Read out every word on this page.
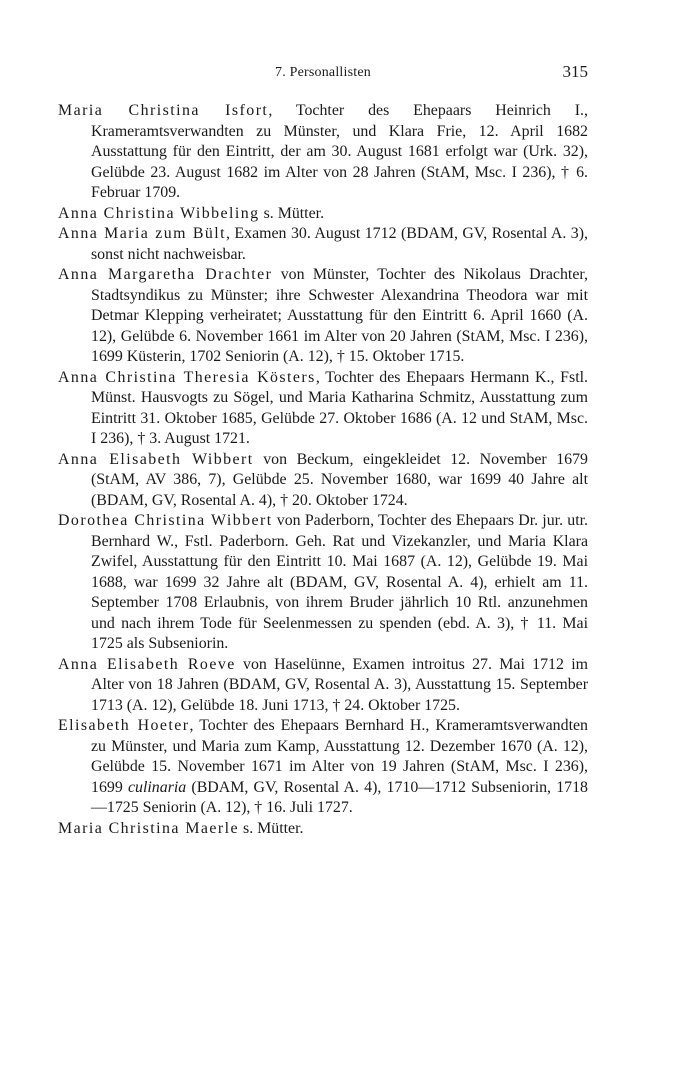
7. Personallisten	315

Maria Christina Isfort, Tochter des Ehepaars Heinrich I., Krameramtsverwandten zu Münster, und Klara Frie, 12. April 1682 Ausstattung für den Eintritt, der am 30. August 1681 erfolgt war (Urk. 32), Gelübde 23. August 1682 im Alter von 28 Jahren (StAM, Msc. I 236), † 6. Februar 1709.

Anna Christina Wibbeling s. Mütter.

Anna Maria zum Bült, Examen 30. August 1712 (BDAM, GV, Rosental A. 3), sonst nicht nachweisbar.

Anna Margaretha Drachter von Münster, Tochter des Nikolaus Drachter, Stadtsyndikus zu Münster; ihre Schwester Alexandrina Theodora war mit Detmar Klepping verheiratet; Ausstattung für den Eintritt 6. April 1660 (A. 12), Gelübde 6. November 1661 im Alter von 20 Jahren (StAM, Msc. I 236), 1699 Küsterin, 1702 Seniorin (A. 12), † 15. Oktober 1715.

Anna Christina Theresia Kösters, Tochter des Ehepaars Hermann K., Fstl. Münst. Hausvogts zu Sögel, und Maria Katharina Schmitz, Ausstattung zum Eintritt 31. Oktober 1685, Gelübde 27. Oktober 1686 (A. 12 und StAM, Msc. I 236), † 3. August 1721.

Anna Elisabeth Wibbert von Beckum, eingekleidet 12. November 1679 (StAM, AV 386, 7), Gelübde 25. November 1680, war 1699 40 Jahre alt (BDAM, GV, Rosental A. 4), † 20. Oktober 1724.

Dorothea Christina Wibbert von Paderborn, Tochter des Ehepaars Dr. jur. utr. Bernhard W., Fstl. Paderborn. Geh. Rat und Vizekanzler, und Maria Klara Zwifel, Ausstattung für den Eintritt 10. Mai 1687 (A. 12), Gelübde 19. Mai 1688, war 1699 32 Jahre alt (BDAM, GV, Rosental A. 4), erhielt am 11. September 1708 Erlaubnis, von ihrem Bruder jährlich 10 Rtl. anzunehmen und nach ihrem Tode für Seelenmessen zu spenden (ebd. A. 3), † 11. Mai 1725 als Subseniorin.

Anna Elisabeth Roeve von Haselünne, Examen introitus 27. Mai 1712 im Alter von 18 Jahren (BDAM, GV, Rosental A. 3), Ausstattung 15. September 1713 (A. 12), Gelübde 18. Juni 1713, † 24. Oktober 1725.

Elisabeth Hoeter, Tochter des Ehepaars Bernhard H., Krameramtsverwandten zu Münster, und Maria zum Kamp, Ausstattung 12. Dezember 1670 (A. 12), Gelübde 15. November 1671 im Alter von 19 Jahren (StAM, Msc. I 236), 1699 culinaria (BDAM, GV, Rosental A. 4), 1710—1712 Subseniorin, 1718—1725 Seniorin (A. 12), † 16. Juli 1727.

Maria Christina Maerle s. Mütter.
